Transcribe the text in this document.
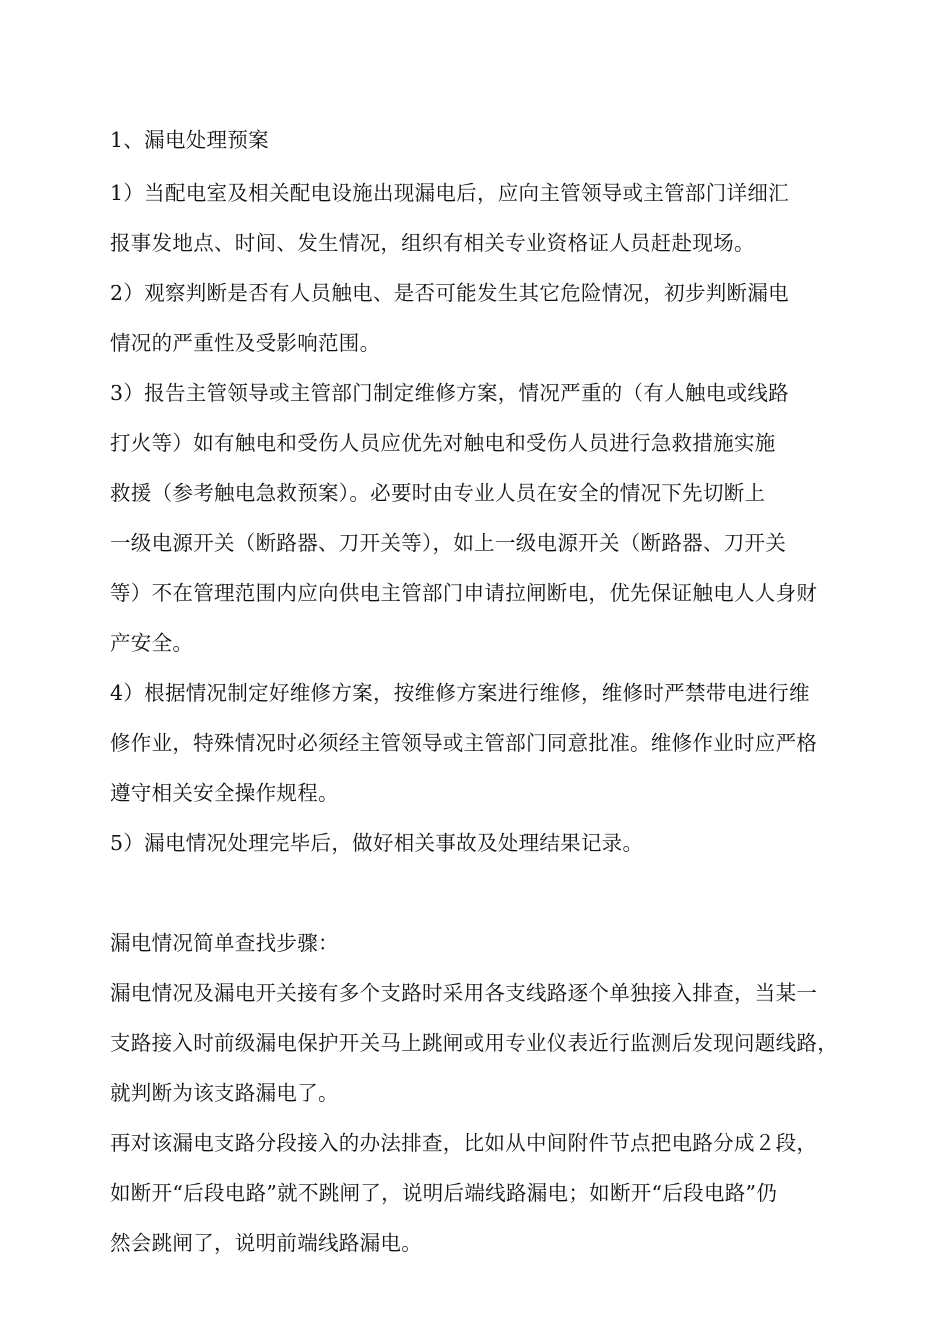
1、漏电处理预案
1）当配电室及相关配电设施出现漏电后，应向主管领导或主管部门详细汇
报事发地点、时间、发生情况，组织有相关专业资格证人员赶赴现场。
2）观察判断是否有人员触电、是否可能发生其它危险情况，初步判断漏电
情况的严重性及受影响范围。
3）报告主管领导或主管部门制定维修方案，情况严重的（有人触电或线路
打火等）如有触电和受伤人员应优先对触电和受伤人员进行急救措施实施
救援（参考触电急救预案）。必要时由专业人员在安全的情况下先切断上
一级电源开关（断路器、刀开关等），如上一级电源开关（断路器、刀开关
等）不在管理范围内应向供电主管部门申请拉闸断电，优先保证触电人人身财
产安全。
4）根据情况制定好维修方案，按维修方案进行维修，维修时严禁带电进行维
修作业，特殊情况时必须经主管领导或主管部门同意批准。维修作业时应严格
遵守相关安全操作规程。
5）漏电情况处理完毕后，做好相关事故及处理结果记录。
漏电情况简单查找步骤：
漏电情况及漏电开关接有多个支路时采用各支线路逐个单独接入排查，当某一
支路接入时前级漏电保护开关马上跳闸或用专业仪表近行监测后发现问题线路，
就判断为该支路漏电了。
再对该漏电支路分段接入的办法排查，比如从中间附件节点把电路分成２段，
如断开“后段电路”就不跳闸了，说明后端线路漏电；如断开“后段电路”仍
然会跳闸了，说明前端线路漏电。
